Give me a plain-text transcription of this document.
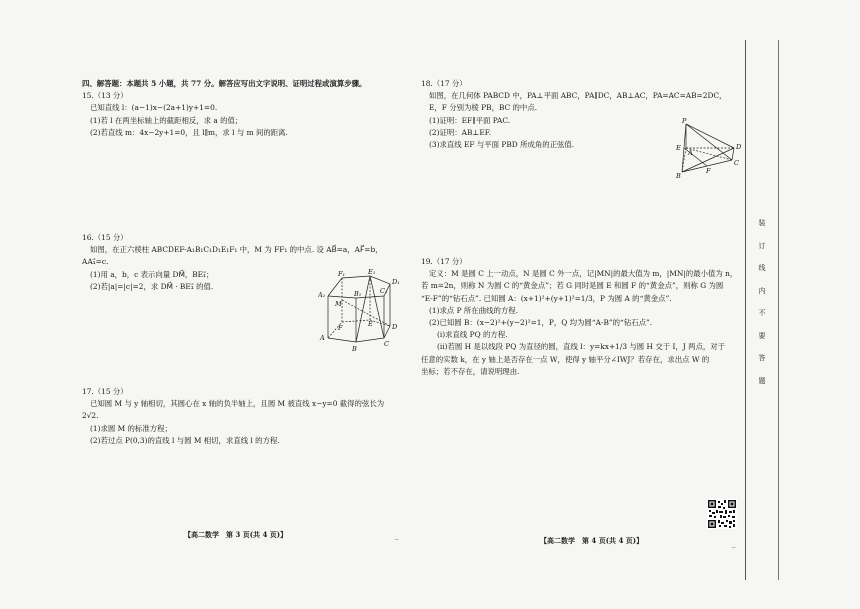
四、解答题：本题共 5 小题，共 77 分。解答应写出文字说明、证明过程或演算步骤。

15.（13 分）

已知直线 l：(a−1)x−(2a+1)y+1=0.

(1)若 l 在两坐标轴上的截距相反，求 a 的值；

(2)若直线 m：4x−2y+1=0，且 l∥m，求 l 与 m 间的距离.

16.（15 分）

如图，在正六棱柱 ABCDEF-A₁B₁C₁D₁E₁F₁ 中，M 为 FF₁ 的中点. 设 AB⃗=a，AF⃗=b，

AA₁⃗=c.

(1)用 a，b，c 表示向量 DM⃗，BE₁⃗；

(2)若|a|=|c|=2，求 DM⃗ · BE₁⃗ 的值.

F₁	E₁
D₁
A₁	B₁	C₁
M
F	E	D
A
B
C

17.（15 分）

已知圆 M 与 y 轴相切，其圆心在 x 轴的负半轴上，且圆 M 被直线 x−y=0 截得的弦长为

2√2.

(1)求圆 M 的标准方程；

(2)若过点 P(0,3)的直线 l 与圆 M 相切，求直线 l 的方程.

【高二数学　第 3 页(共 4 页)】	_

18.（17 分）

如图，在几何体 PABCD 中，PA⊥平面 ABC，PA∥DC，AB⊥AC，PA=AC=AB=2DC，

E，F 分别为棱 PB，BC 的中点.

(1)证明：EF∥平面 PAC.

(2)证明：AB⊥EF.

(3)求直线 EF 与平面 PBD 所成角的正弦值.

P
E
A
D
C
F
B

19.（17 分）

定义：M 是圆 C 上一动点，N 是圆 C 外一点，记|MN|的最大值为 m，|MN|的最小值为 n，

若 m=2n，则称 N 为圆 C 的“黄金点”；若 G 同时是圆 E 和圆 F 的“黄金点”，则称 G 为圆

“E-F”的“钻石点”. 已知圆 A：(x+1)²+(y+1)²=1/3，P 为圆 A 的“黄金点”.

(1)求点 P 所在曲线的方程.

(2)已知圆 B：(x−2)²+(y−2)²=1，P，Q 均为圆“A-B”的“钻石点”.

(ⅰ)求直线 PQ 的方程.

(ⅱ)若圆 H 是以线段 PQ 为直径的圆，直线 l：y=kx+1/3 与圆 H 交于 I，J 两点，对于

任意的实数 k，在 y 轴上是否存在一点 W，使得 y 轴平分∠IWJ？若存在，求出点 W 的

坐标；若不存在，请说明理由.

【高二数学　第 4 页(共 4 页)】	_
装
订
线
内
不
要
答
题
